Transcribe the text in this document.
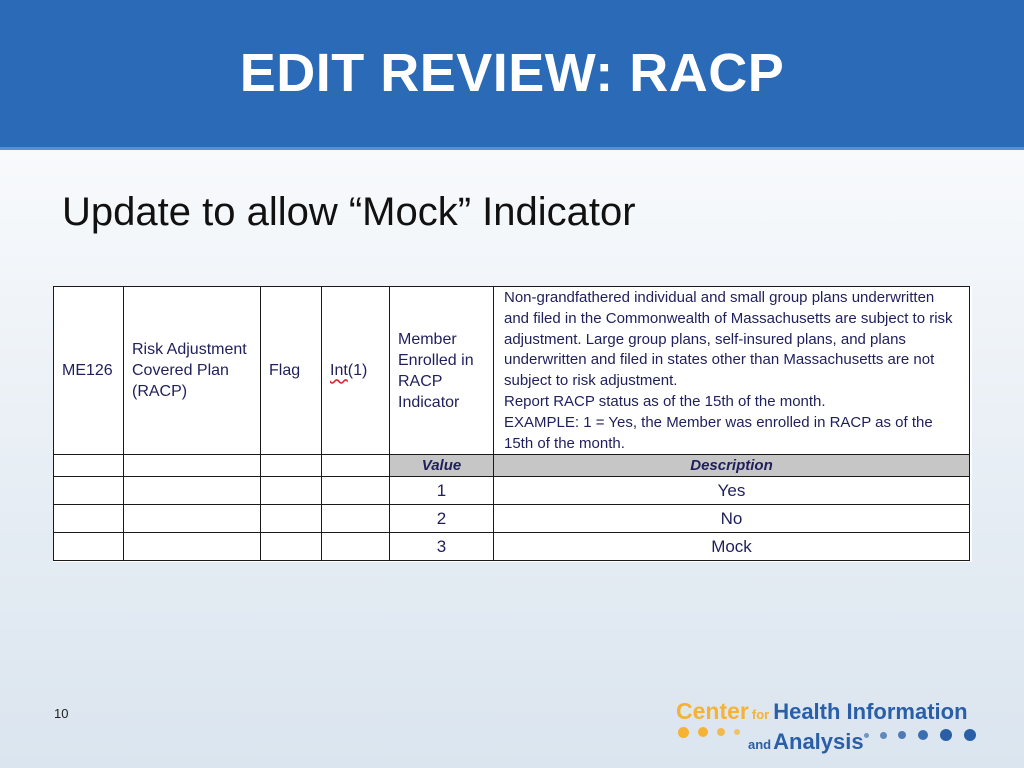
EDIT REVIEW: RACP
Update to allow “Mock” Indicator
ME126	Risk Adjustment Covered Plan (RACP)	Flag	Int(1)	Member Enrolled in RACP Indicator	Non-grandfathered individual and small group plans underwritten and filed in the Commonwealth of Massachusetts are subject to risk adjustment. Large group plans, self-insured plans, and plans underwritten and filed in states other than Massachusetts are not subject to risk adjustment.
Report RACP status as of the 15th of the month.
EXAMPLE: 1 = Yes, the Member was enrolled in RACP as of the 15th of the month.

				Value	Description
				1	Yes
				2	No
				3	Mock
10	Center for Health Information
andAnalysis
